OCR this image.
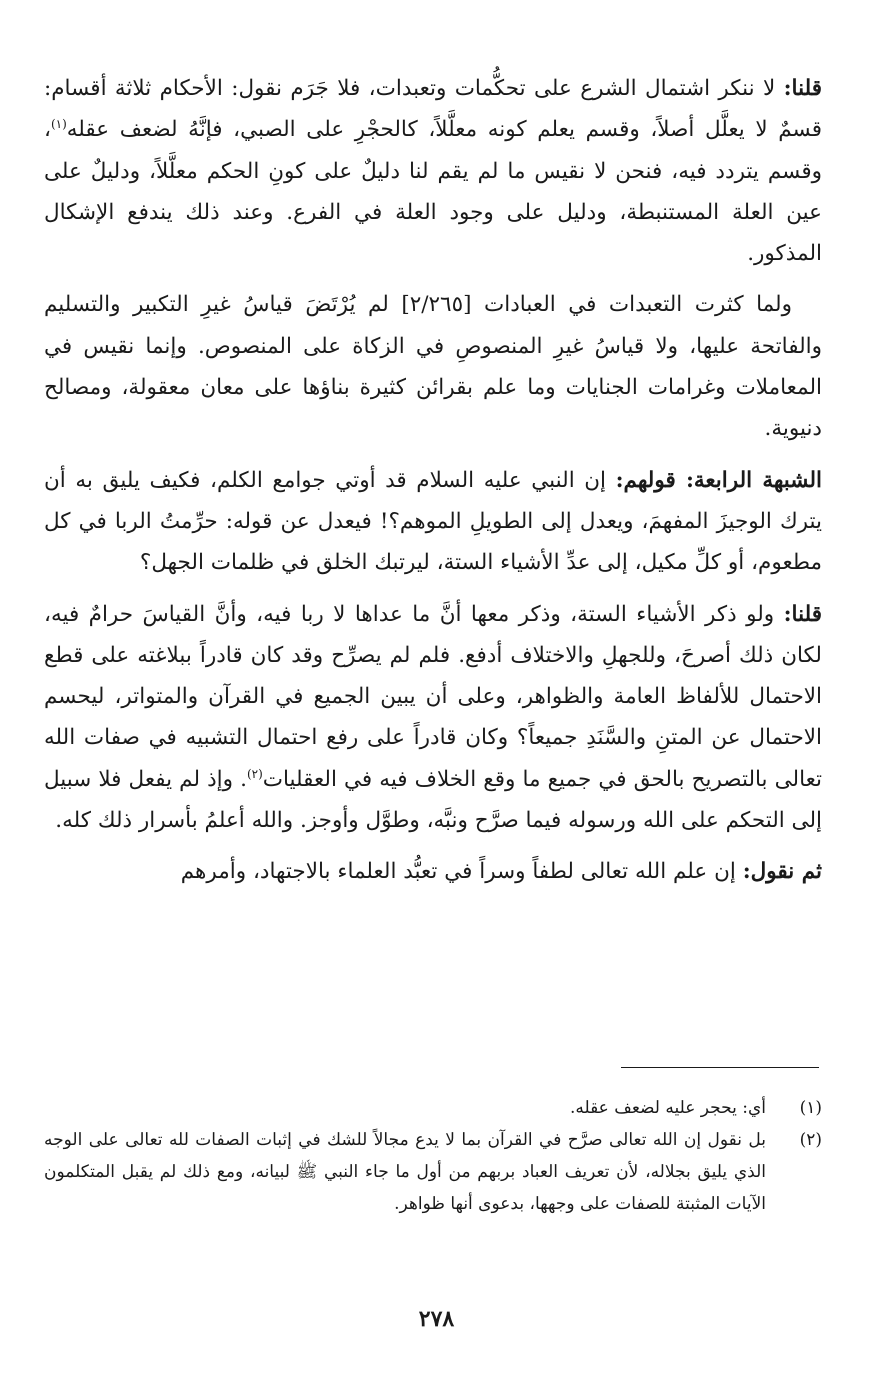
قلنا: لا ننكر اشتمال الشرع على تحكُّمات وتعبدات، فلا جَرَم نقول: الأحكام ثلاثة أقسام: قسمٌ لا يعلَّل أصلاً، وقسم يعلم كونه معلَّلاً، كالحجْرِ على الصبي، فإنَّهُ لضعف عقله$^{(١)}$، وقسم يتردد فيه، فنحن لا نقيس ما لم يقم لنا دليلٌ على كونِ الحكم معلَّلاً، ودليلٌ على عين العلة المستنبطة، ودليل على وجود العلة في الفرع. وعند ذلك يندفع الإشكال المذكور.

ولما كثرت التعبدات في العبادات [٢/٢٦٥] لم يُرْتَضَ قياسُ غيرِ التكبير والتسليم والفاتحة عليها، ولا قياسُ غيرِ المنصوصِ في الزكاة على المنصوص. وإنما نقيس في المعاملات وغرامات الجنايات وما علم بقرائن كثيرة بناؤها على معان معقولة، ومصالح دنيوية.

الشبهة الرابعة: قولهم: إن النبي عليه السلام قد أوتي جوامع الكلم، فكيف يليق به أن يترك الوجيزَ المفهمَ، ويعدل إلى الطويلِ الموهم؟! فيعدل عن قوله: حرِّمتُ الربا في كل مطعوم، أو كلِّ مكيل، إلى عدِّ الأشياء الستة، ليرتبك الخلق في ظلمات الجهل؟

قلنا: ولو ذكر الأشياء الستة، وذكر معها أنَّ ما عداها لا ربا فيه، وأنَّ القياسَ حرامٌ فيه، لكان ذلك أصرحَ، وللجهلِ والاختلاف أدفع. فلم لم يصرِّح وقد كان قادراً ببلاغته على قطع الاحتمال للألفاظ العامة والظواهر، وعلى أن يبين الجميع في القرآن والمتواتر، ليحسم الاحتمال عن المتنِ والسَّنَدِ جميعاً؟ وكان قادراً على رفع احتمال التشبيه في صفات الله تعالى بالتصريح بالحق في جميع ما وقع الخلاف فيه في العقليات$^{(٢)}$. وإذ لم يفعل فلا سبيل إلى التحكم على الله ورسوله فيما صرَّح ونبَّه، وطوَّل وأوجز. والله أعلمُ بأسرار ذلك كله.

ثم نقول: إن علم الله تعالى لطفاً وسراً في تعبُّد العلماء بالاجتهاد، وأمرهم

(١)
أي: يحجر عليه لضعف عقله.
(٢)
بل نقول إن الله تعالى صرَّح في القرآن بما لا يدع مجالاً للشك في إثبات الصفات لله تعالى على الوجه الذي يليق بجلاله، لأن تعريف العباد بربهم من أول ما جاء النبي ﷺ لبيانه، ومع ذلك لم يقبل المتكلمون الآيات المثبتة للصفات على وجهها، بدعوى أنها ظواهر.
٢٧٨
